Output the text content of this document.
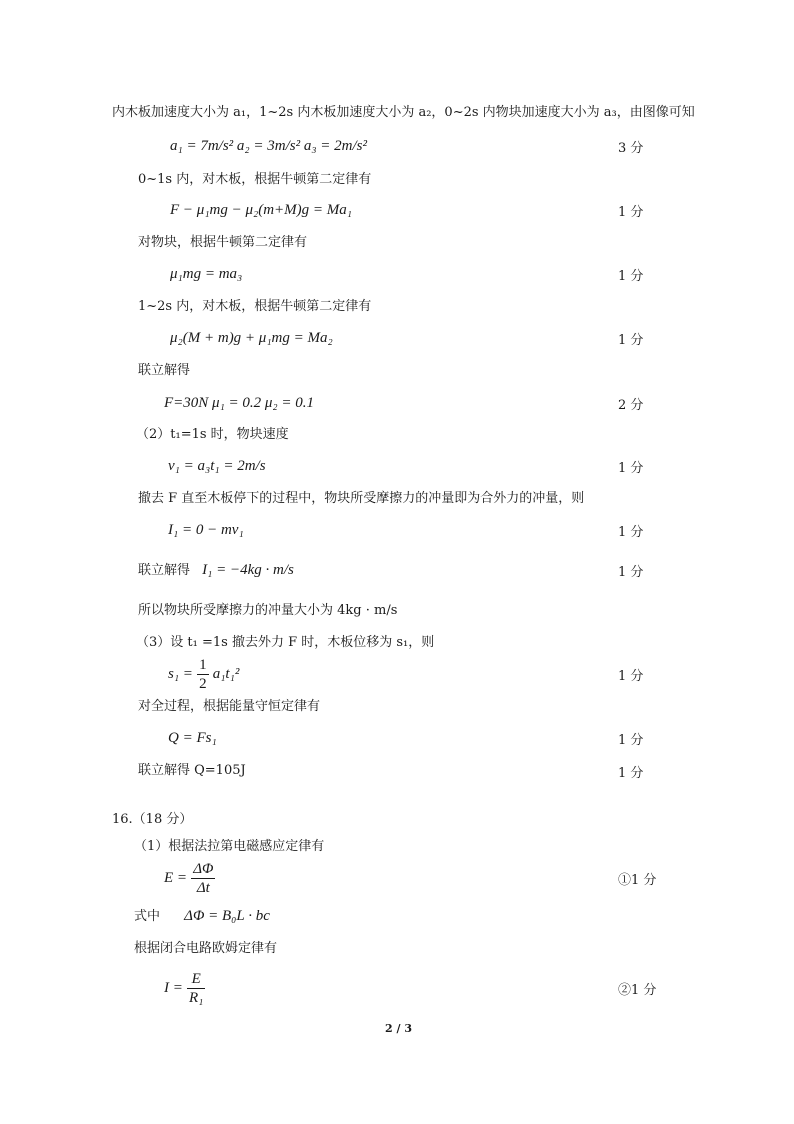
内木板加速度大小为 a₁，1~2s 内木板加速度大小为 a₂，0~2s 内物块加速度大小为 a₃，由图像可知
a₁ = 7m/s² a₂ = 3m/s² a₃ = 2m/s²	3 分
0~1s 内，对木板，根据牛顿第二定律有
F − μ₁mg − μ₂(m+M)g = Ma₁	1 分
对物块，根据牛顿第二定律有
μ₁mg = ma₃	1 分
1~2s 内，对木板，根据牛顿第二定律有
μ₂(M + m)g + μ₁mg = Ma₂	1 分
联立解得
F=30N μ₁ = 0.2 μ₂ = 0.1	2 分
（2）t₁=1s 时，物块速度
v₁ = a₃t₁ = 2m/s	1 分
撤去 F 直至木板停下的过程中，物块所受摩擦力的冲量即为合外力的冲量，则
I₁ = 0 − mv₁	1 分
联立解得 I₁ = −4kg · m/s	1 分
所以物块所受摩擦力的冲量大小为 4kg · m/s
（3）设 t₁ =1s 撤去外力 F 时，木板位移为 s₁，则
$s_1 = \frac{1}{2} a_1t_1^2$	1 分
对全过程，根据能量守恒定律有
Q = Fs₁	1 分
联立解得 Q=105J	1 分
16.（18 分）
（1）根据法拉第电磁感应定律有
$E = \frac{\Delta\Phi}{\Delta t}$	①1 分
式中 ΔΦ = B₀L · bc
根据闭合电路欧姆定律有
$I = \frac{E}{\text{R₁}}$	②1 分
2 / 3
